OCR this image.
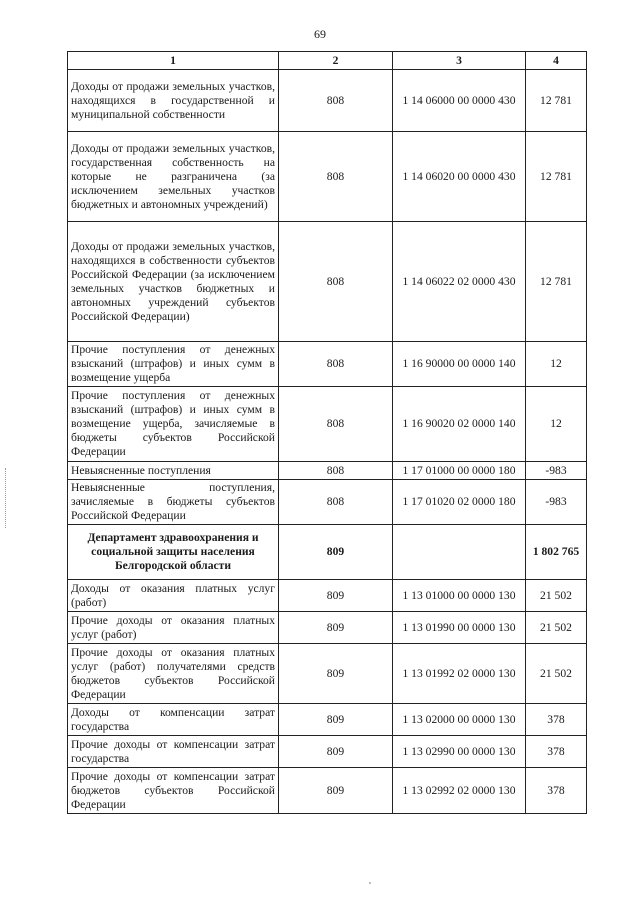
69
1	2	3	4
Доходы от продажи земельных участков, находящихся в государственной и муниципальной собственности	808	1 14 06000 00 0000 430	12 781
Доходы от продажи земельных участков, государственная собственность на которые не разграничена (за исключением земельных участков бюджетных и автономных учреждений)	808	1 14 06020 00 0000 430	12 781
Доходы от продажи земельных участков, находящихся в собственности субъектов Российской Федерации (за исключением земельных участков бюджетных и автономных учреждений субъектов Российской Федерации)	808	1 14 06022 02 0000 430	12 781
Прочие поступления от денежных взысканий (штрафов) и иных сумм в возмещение ущерба	808	1 16 90000 00 0000 140	12
Прочие поступления от денежных взысканий (штрафов) и иных сумм в возмещение ущерба, зачисляемые в бюджеты субъектов Российской Федерации	808	1 16 90020 02 0000 140	12
Невыясненные поступления	808	1 17 01000 00 0000 180	-983
Невыясненные поступления, зачисляемые в бюджеты субъектов Российской Федерации	808	1 17 01020 02 0000 180	-983
Департамент здравоохранения и социальной защиты населения Белгородской области	809		1 802 765
Доходы от оказания платных услуг (работ)	809	1 13 01000 00 0000 130	21 502
Прочие доходы от оказания платных услуг (работ)	809	1 13 01990 00 0000 130	21 502
Прочие доходы от оказания платных услуг (работ) получателями средств бюджетов субъектов Российской Федерации	809	1 13 01992 02 0000 130	21 502
Доходы от компенсации затрат государства	809	1 13 02000 00 0000 130	378
Прочие доходы от компенсации затрат государства	809	1 13 02990 00 0000 130	378
Прочие доходы от компенсации затрат бюджетов субъектов Российской Федерации	809	1 13 02992 02 0000 130	378
